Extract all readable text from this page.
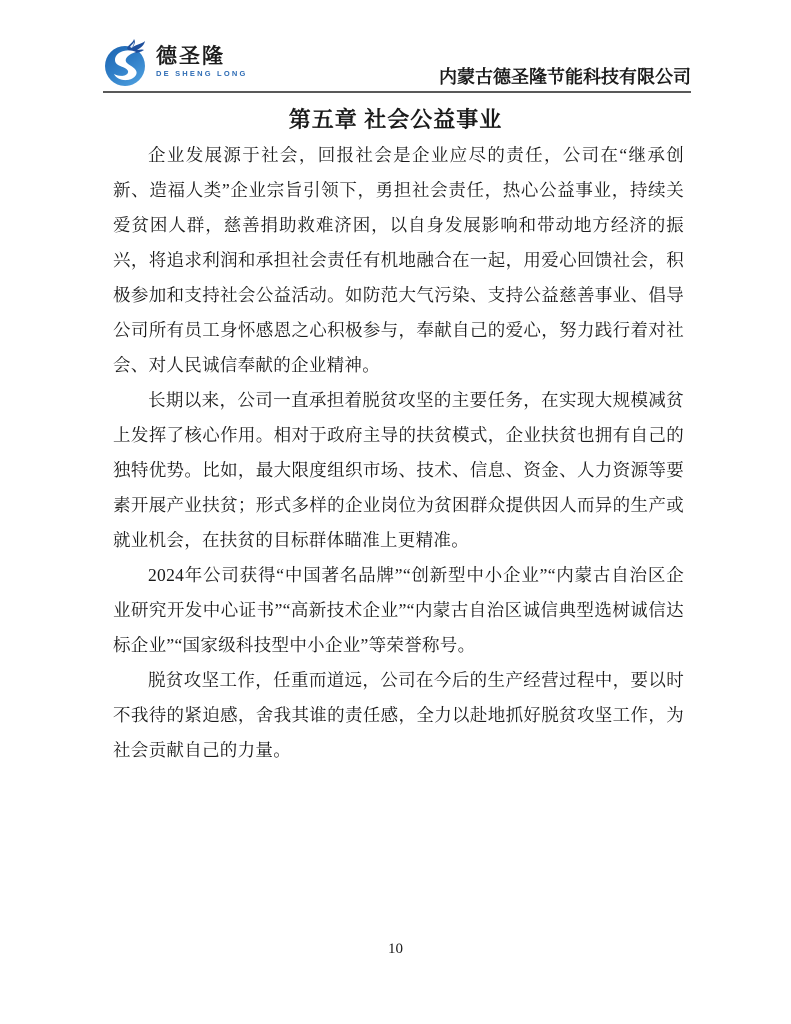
德圣隆
DE SHENG LONG	内蒙古德圣隆节能科技有限公司
第五章 社会公益事业

企业发展源于社会，回报社会是企业应尽的责任，公司在“继承创新、造福人类”企业宗旨引领下，勇担社会责任，热心公益事业，持续关爱贫困人群，慈善捐助救难济困，以自身发展影响和带动地方经济的振兴，将追求利润和承担社会责任有机地融合在一起，用爱心回馈社会，积极参加和支持社会公益活动。如防范大气污染、支持公益慈善事业、倡导公司所有员工身怀感恩之心积极参与，奉献自己的爱心，努力践行着对社会、对人民诚信奉献的企业精神。

长期以来，公司一直承担着脱贫攻坚的主要任务，在实现大规模减贫上发挥了核心作用。相对于政府主导的扶贫模式，企业扶贫也拥有自己的独特优势。比如，最大限度组织市场、技术、信息、资金、人力资源等要素开展产业扶贫；形式多样的企业岗位为贫困群众提供因人而异的生产或就业机会，在扶贫的目标群体瞄准上更精准。

2024年公司获得“中国著名品牌”“创新型中小企业”“内蒙古自治区企业研究开发中心证书”“高新技术企业”“内蒙古自治区诚信典型选树诚信达标企业”“国家级科技型中小企业”等荣誉称号。

脱贫攻坚工作，任重而道远，公司在今后的生产经营过程中，要以时不我待的紧迫感，舍我其谁的责任感，全力以赴地抓好脱贫攻坚工作，为社会贡献自己的力量。

10
